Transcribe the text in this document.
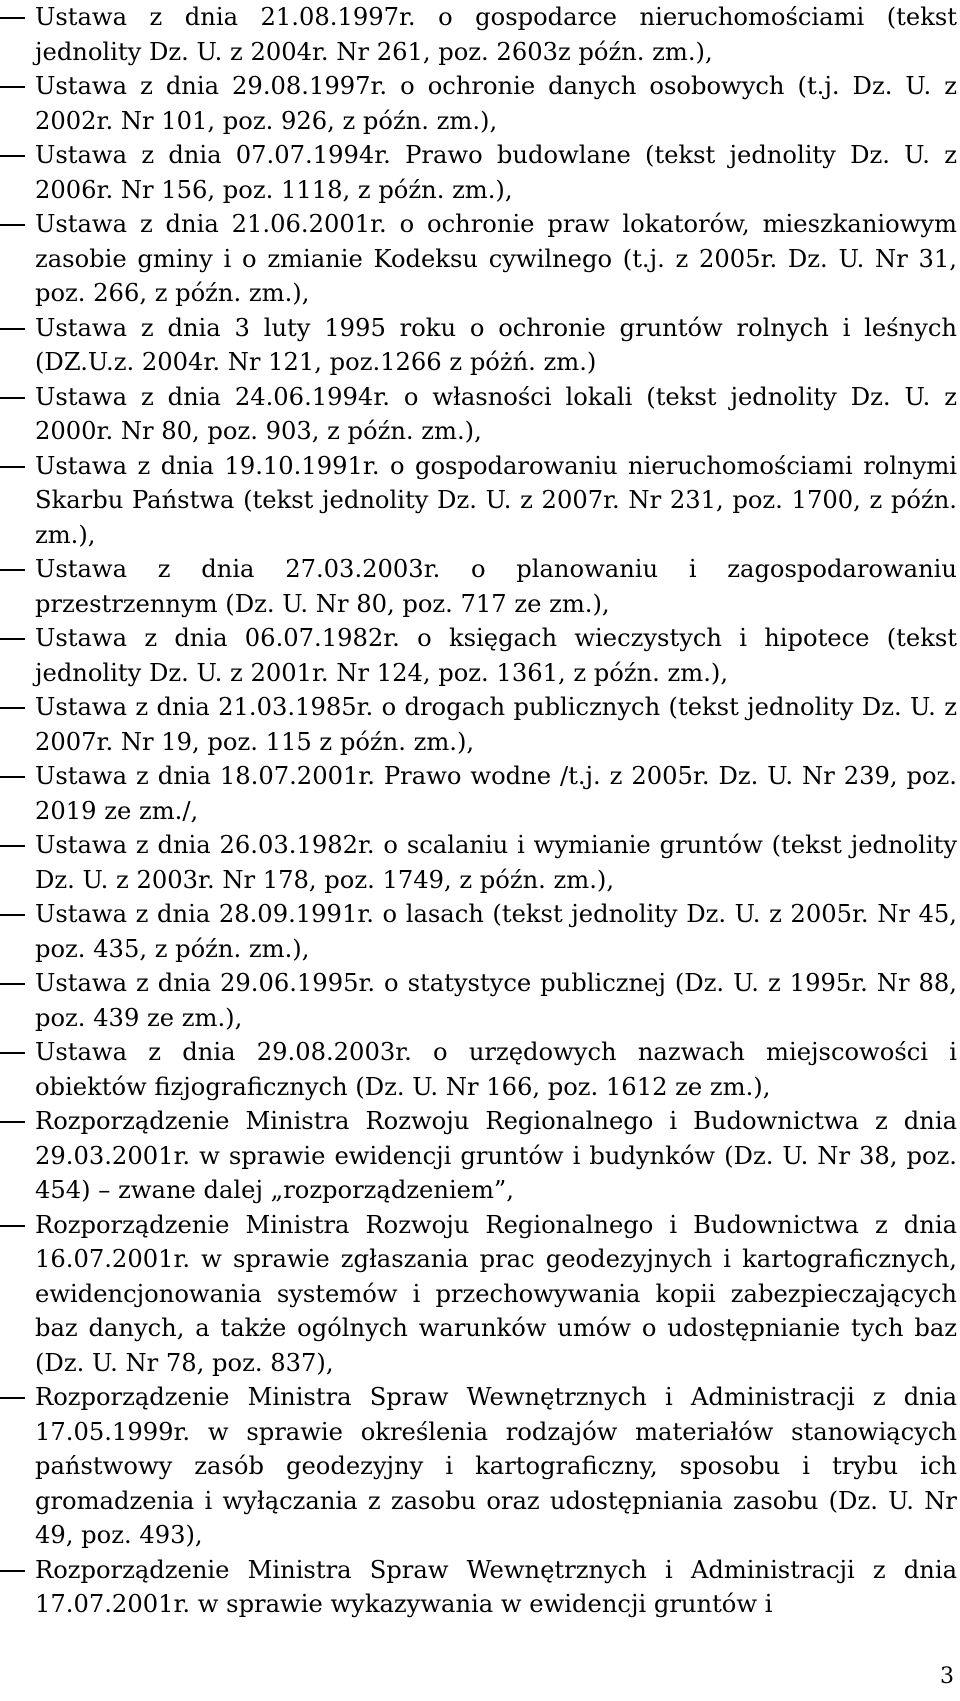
Ustawa z dnia 21.08.1997r. o gospodarce nieruchomościami (tekst jednolity Dz. U. z 2004r. Nr 261, poz. 2603z późn. zm.),
Ustawa z dnia 29.08.1997r. o ochronie danych osobowych (t.j. Dz. U. z 2002r. Nr 101, poz. 926, z późn. zm.),
Ustawa z dnia 07.07.1994r. Prawo budowlane (tekst jednolity Dz. U. z 2006r. Nr 156, poz. 1118, z późn. zm.),
Ustawa z dnia 21.06.2001r. o ochronie praw lokatorów, mieszkaniowym zasobie gminy i o zmianie Kodeksu cywilnego (t.j. z 2005r. Dz. U. Nr 31, poz. 266, z późn. zm.),
Ustawa z dnia 3 luty 1995 roku o ochronie gruntów rolnych i leśnych (DZ.U.z. 2004r. Nr 121, poz.1266 z póżń. zm.)
Ustawa z dnia 24.06.1994r. o własności lokali (tekst jednolity Dz. U. z 2000r. Nr 80, poz. 903, z późn. zm.),
Ustawa z dnia 19.10.1991r. o gospodarowaniu nieruchomościami rolnymi Skarbu Państwa (tekst jednolity Dz. U. z 2007r. Nr 231, poz. 1700, z późn. zm.),
Ustawa z dnia 27.03.2003r. o planowaniu i zagospodarowaniu przestrzennym (Dz. U. Nr 80, poz. 717 ze zm.),
Ustawa z dnia 06.07.1982r. o księgach wieczystych i hipotece (tekst jednolity Dz. U. z 2001r. Nr 124, poz. 1361, z późn. zm.),
Ustawa z dnia 21.03.1985r. o drogach publicznych (tekst jednolity Dz. U. z 2007r. Nr 19, poz. 115 z późn. zm.),
Ustawa z dnia 18.07.2001r. Prawo wodne /t.j. z 2005r. Dz. U. Nr 239, poz. 2019 ze zm./,
Ustawa z dnia 26.03.1982r. o scalaniu i wymianie gruntów (tekst jednolity Dz. U. z 2003r. Nr 178, poz. 1749, z późn. zm.),
Ustawa z dnia 28.09.1991r. o lasach (tekst jednolity Dz. U. z 2005r. Nr 45, poz. 435, z późn. zm.),
Ustawa z dnia 29.06.1995r. o statystyce publicznej (Dz. U. z 1995r. Nr 88, poz. 439 ze zm.),
Ustawa z dnia 29.08.2003r. o urzędowych nazwach miejscowości i obiektów fizjograficznych (Dz. U. Nr 166, poz. 1612 ze zm.),
Rozporządzenie Ministra Rozwoju Regionalnego i Budownictwa z dnia 29.03.2001r. w sprawie ewidencji gruntów i budynków (Dz. U. Nr 38, poz. 454) – zwane dalej „rozporządzeniem”,
Rozporządzenie Ministra Rozwoju Regionalnego i Budownictwa z dnia 16.07.2001r. w sprawie zgłaszania prac geodezyjnych i kartograficznych, ewidencjonowania systemów i przechowywania kopii zabezpieczających baz danych, a także ogólnych warunków umów o udostępnianie tych baz (Dz. U. Nr 78, poz. 837),
Rozporządzenie Ministra Spraw Wewnętrznych i Administracji z dnia 17.05.1999r. w sprawie określenia rodzajów materiałów stanowiących państwowy zasób geodezyjny i kartograficzny, sposobu i trybu ich gromadzenia i wyłączania z zasobu oraz udostępniania zasobu (Dz. U. Nr 49, poz. 493),
Rozporządzenie Ministra Spraw Wewnętrznych i Administracji z dnia 17.07.2001r. w sprawie wykazywania w ewidencji gruntów i
3
